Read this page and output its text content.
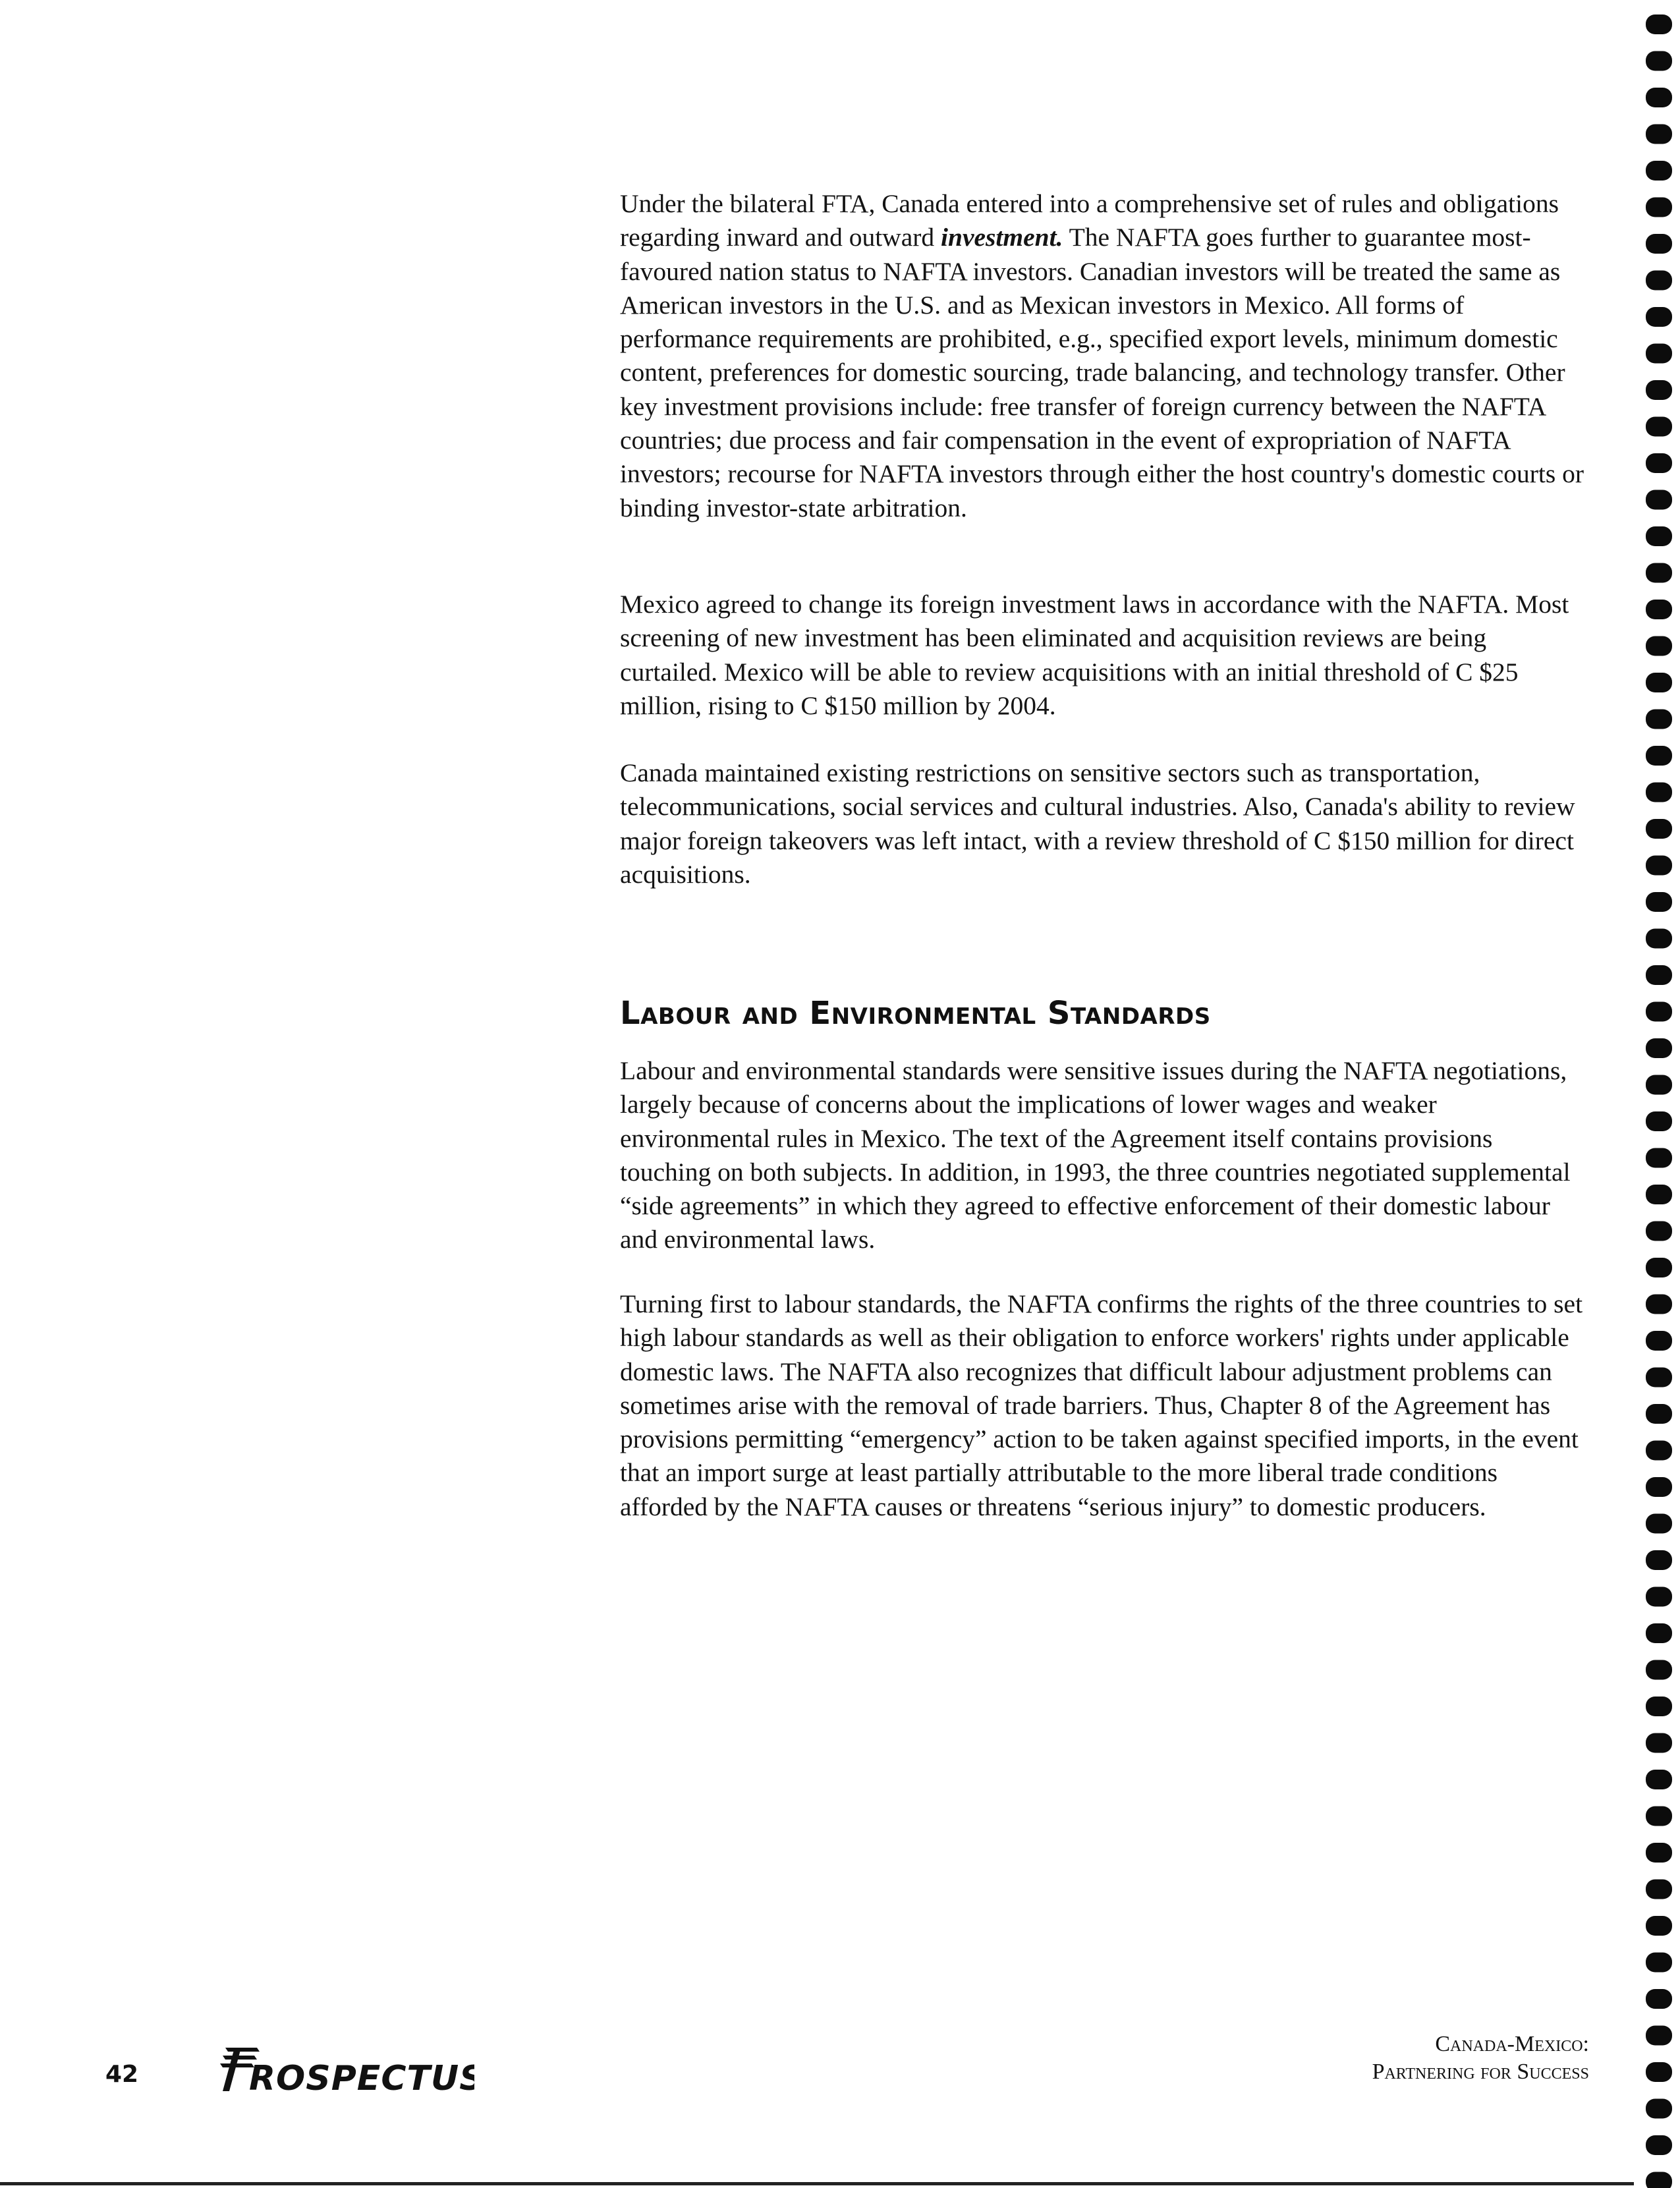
Under the bilateral FTA, Canada entered into a comprehensive set of rules and obligations regarding inward and outward investment. The NAFTA goes further to guarantee most-favoured nation status to NAFTA investors. Canadian investors will be treated the same as American investors in the U.S. and as Mexican investors in Mexico. All forms of performance requirements are prohibited, e.g., specified export levels, minimum domestic content, preferences for domestic sourcing, trade balancing, and technology transfer. Other key investment provisions include: free transfer of foreign currency between the NAFTA countries; due process and fair compensation in the event of expropriation of NAFTA investors; recourse for NAFTA investors through either the host country's domestic courts or binding investor-state arbitration.

Mexico agreed to change its foreign investment laws in accordance with the NAFTA. Most screening of new investment has been eliminated and acquisition reviews are being curtailed. Mexico will be able to review acquisitions with an initial threshold of C $25 million, rising to C $150 million by 2004.

Canada maintained existing restrictions on sensitive sectors such as transportation, telecommunications, social services and cultural industries. Also, Canada's ability to review major foreign takeovers was left intact, with a review threshold of C $150 million for direct acquisitions.

Labour and Environmental Standards

Labour and environmental standards were sensitive issues during the NAFTA negotiations, largely because of concerns about the implications of lower wages and weaker environmental rules in Mexico. The text of the Agreement itself contains provisions touching on both subjects. In addition, in 1993, the three countries negotiated supplemental “side agreements” in which they agreed to effective enforcement of their domestic labour and environmental laws.

Turning first to labour standards, the NAFTA confirms the rights of the three countries to set high labour standards as well as their obligation to enforce workers' rights under applicable domestic laws. The NAFTA also recognizes that difficult labour adjustment problems can sometimes arise with the removal of trade barriers. Thus, Chapter 8 of the Agreement has provisions permitting “emergency” action to be taken against specified imports, in the event that an import surge at least partially attributable to the more liberal trade conditions afforded by the NAFTA causes or threatens “serious injury” to domestic producers.

42	ROSPECTUS
Canada-Mexico:
Partnering for Success
